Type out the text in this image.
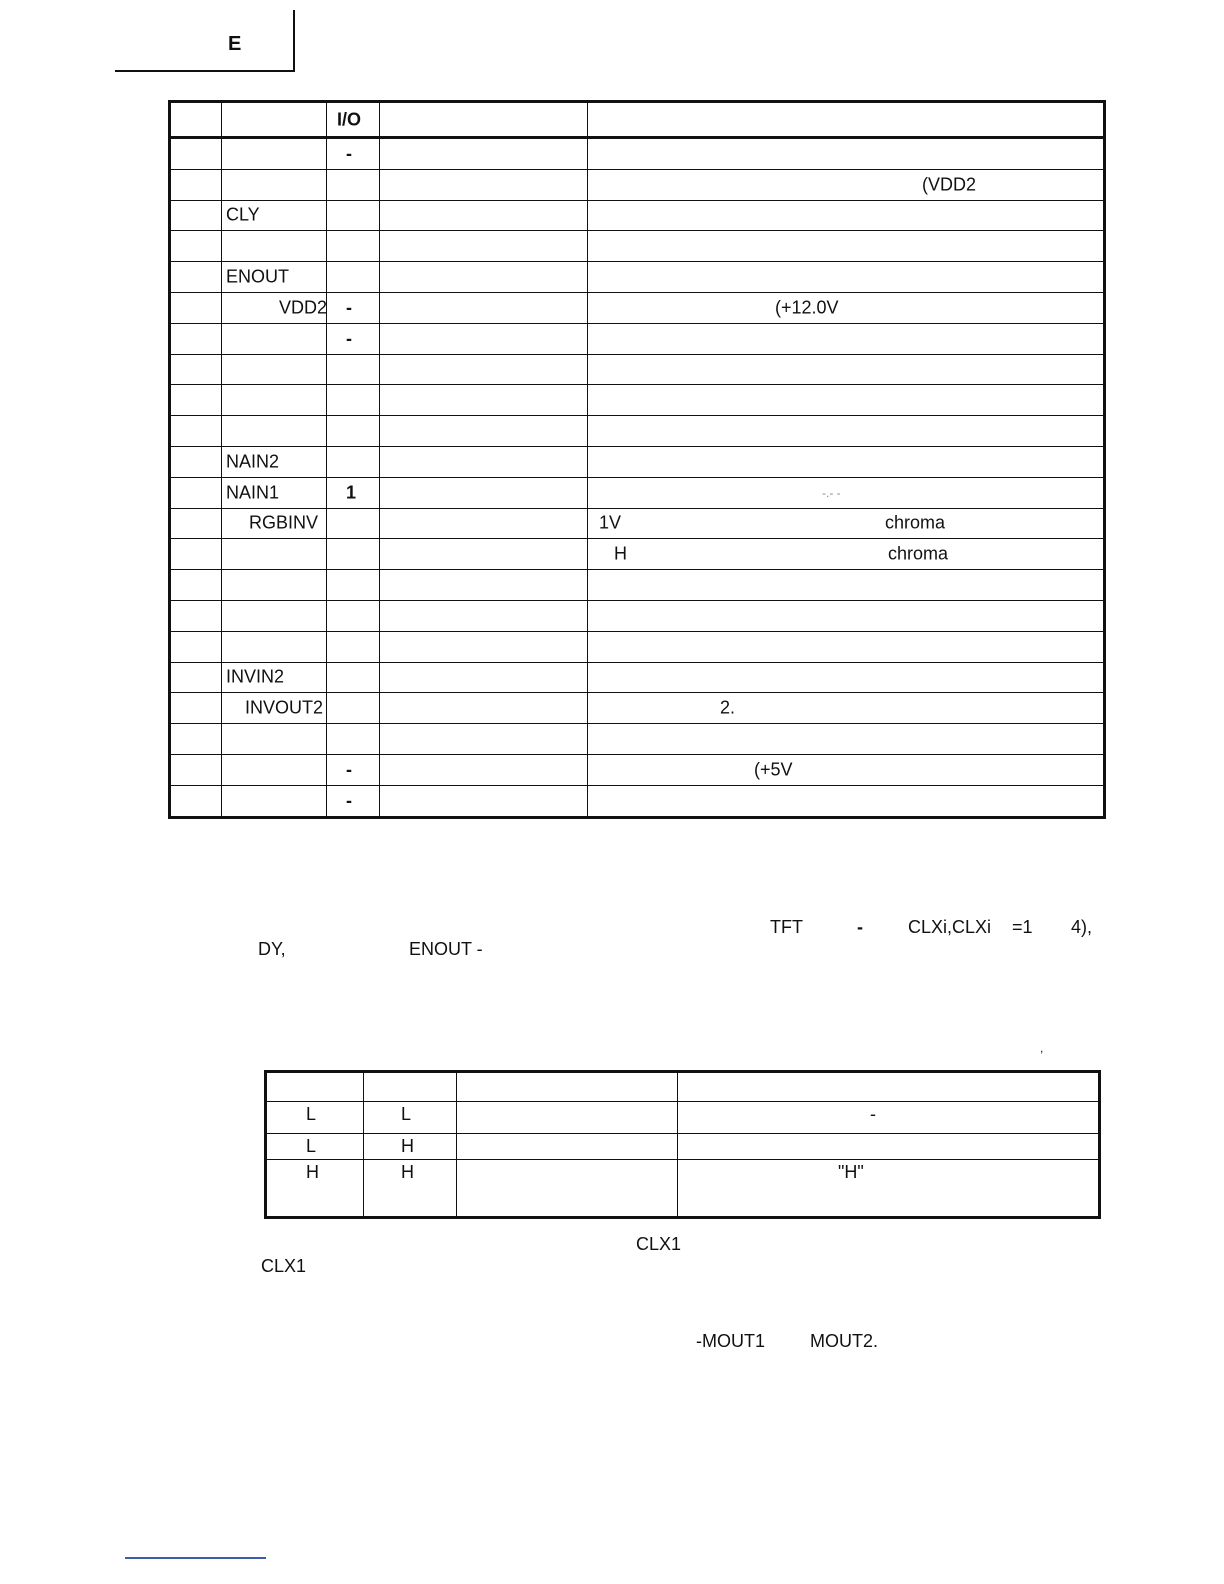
E

		I/O		

		-		

				(VDD2

	CLY			

	ENOUT			

	VDD2	-		(+12.0V

		-		

	NAIN2			

	NAIN1	1		-.- -

	RGBINV			1V chroma

				H chroma

	INVIN2			

	INVOUT2			2.

		-		(+5V

		-		

TFT	-	CLXi,CLXi =1 4),
DY,	ENOUT -
,

L	L		-

L	H		

H	H		"H"
CLX1
CLX1
-MOUT1	MOUT2.
